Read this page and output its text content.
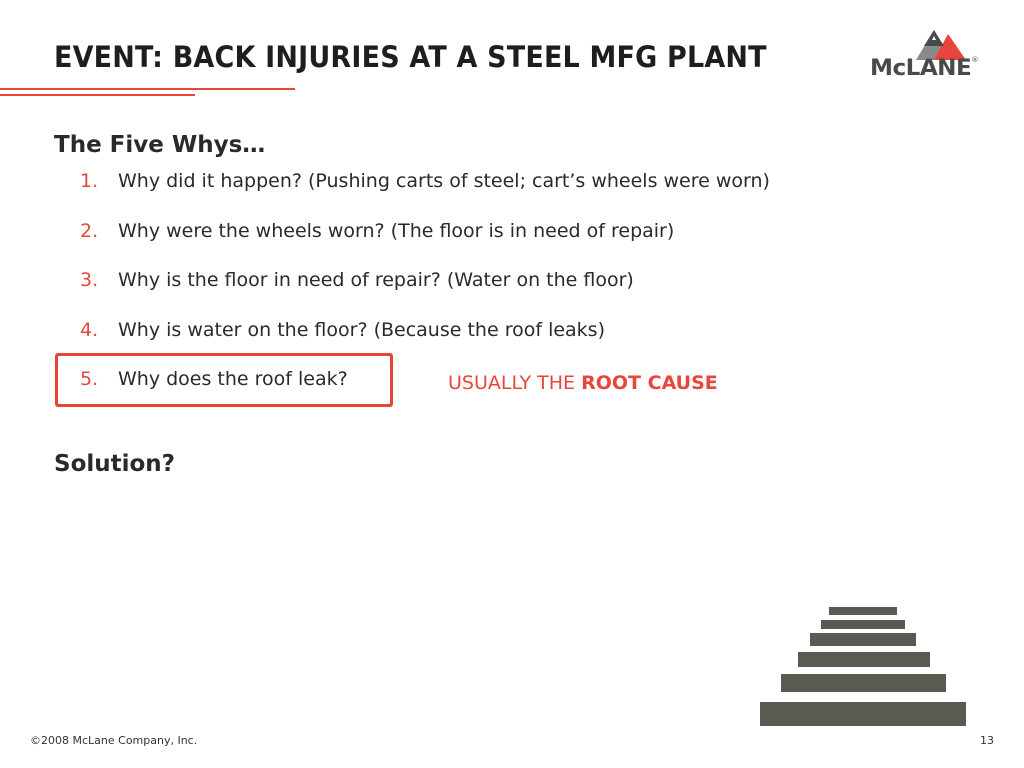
EVENT: BACK INJURIES AT A STEEL MFG PLANT	McLANE®
The Five Whys…
1.	Why did it happen? (Pushing carts of steel; cart’s wheels were worn)
2.	Why were the wheels worn? (The floor is in need of repair)
3.	Why is the floor in need of repair? (Water on the floor)
4.	Why is water on the floor? (Because the roof leaks)
5.	Why does the roof leak?	USUALLY THE ROOT CAUSE
Solution?
©2008 McLane Company, Inc.	13
